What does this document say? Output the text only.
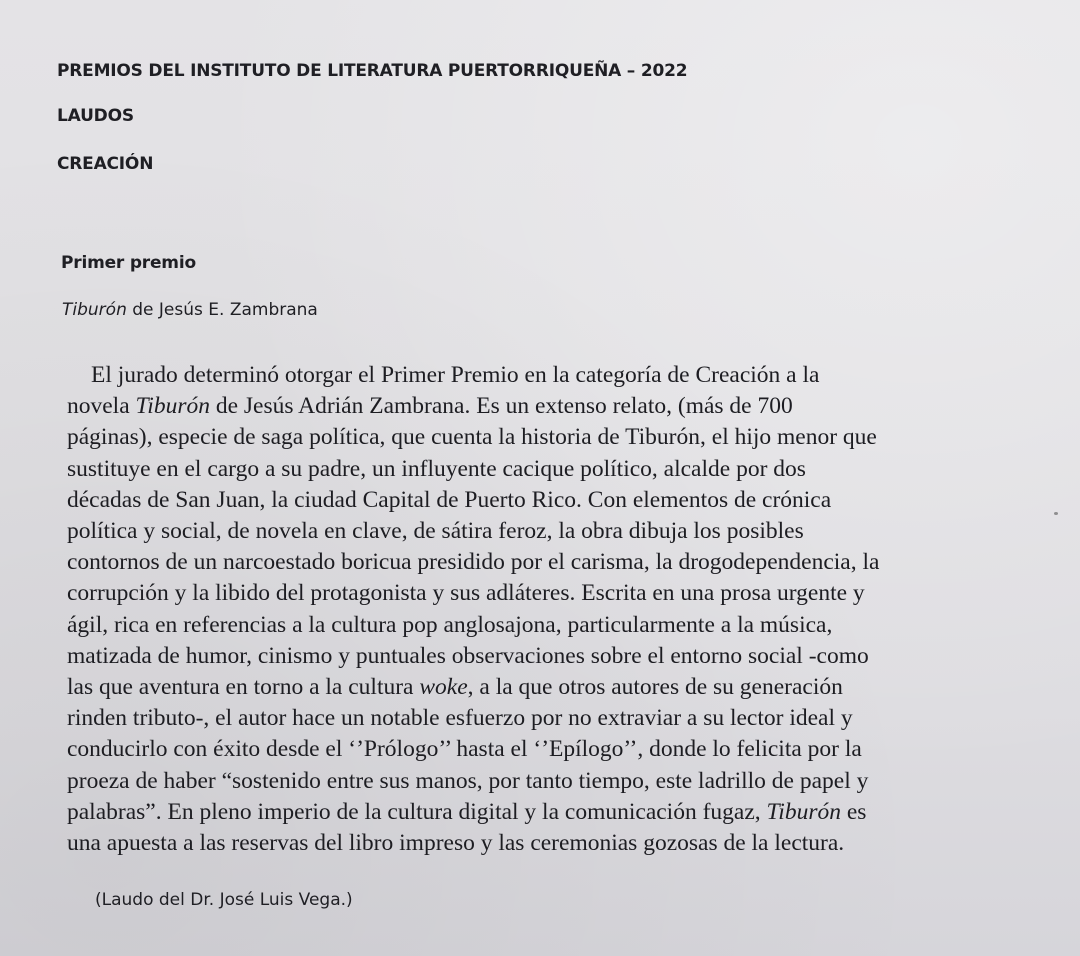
PREMIOS DEL INSTITUTO DE LITERATURA PUERTORRIQUEÑA – 2022
LAUDOS
CREACIÓN
Primer premio
Tiburón de Jesús E. Zambrana
El jurado determinó otorgar el Primer Premio en la categoría de Creación a la
novela Tiburón de Jesús Adrián Zambrana. Es un extenso relato, (más de 700
páginas), especie de saga política, que cuenta la historia de Tiburón, el hijo menor que
sustituye en el cargo a su padre, un influyente cacique político, alcalde por dos
décadas de San Juan, la ciudad Capital de Puerto Rico. Con elementos de crónica
política y social, de novela en clave, de sátira feroz, la obra dibuja los posibles
contornos de un narcoestado boricua presidido por el carisma, la drogodependencia, la
corrupción y la libido del protagonista y sus adláteres. Escrita en una prosa urgente y
ágil, rica en referencias a la cultura pop anglosajona, particularmente a la música,
matizada de humor, cinismo y puntuales observaciones sobre el entorno social -como
las que aventura en torno a la cultura woke, a la que otros autores de su generación
rinden tributo-, el autor hace un notable esfuerzo por no extraviar a su lector ideal y
conducirlo con éxito desde el ‘’Prólogo’’ hasta el ‘’Epílogo’’, donde lo felicita por la
proeza de haber “sostenido entre sus manos, por tanto tiempo, este ladrillo de papel y
palabras”. En pleno imperio de la cultura digital y la comunicación fugaz, Tiburón es
una apuesta a las reservas del libro impreso y las ceremonias gozosas de la lectura.
(Laudo del Dr. José Luis Vega.)
